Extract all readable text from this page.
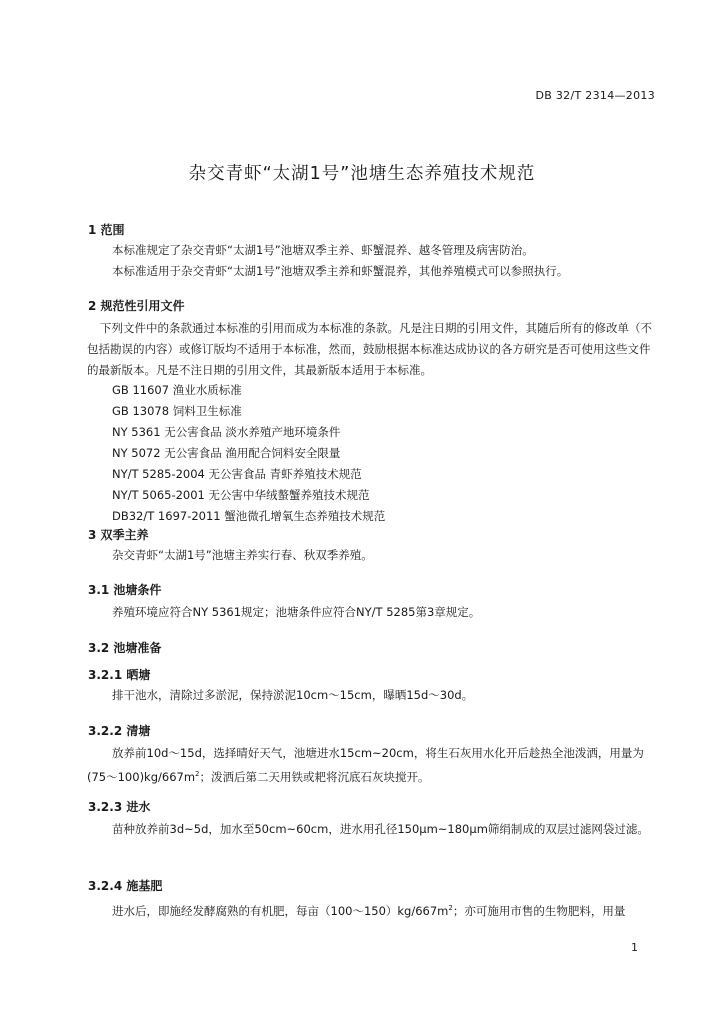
DB 32/T 2314—2013
杂交青虾“太湖1号”池塘生态养殖技术规范
1 范围

本标准规定了杂交青虾“太湖1号”池塘双季主养、虾蟹混养、越冬管理及病害防治。

本标准适用于杂交青虾“太湖1号”池塘双季主养和虾蟹混养，其他养殖模式可以参照执行。

2 规范性引用文件

下列文件中的条款通过本标准的引用而成为本标准的条款。凡是注日期的引用文件，其随后所有的修改单（不包括勘误的内容）或修订版均不适用于本标准，然而，鼓励根据本标准达成协议的各方研究是否可使用这些文件的最新版本。凡是不注日期的引用文件，其最新版本适用于本标准。

GB 11607 渔业水质标准
GB 13078 饲料卫生标准
NY 5361 无公害食品 淡水养殖产地环境条件
NY 5072 无公害食品 渔用配合饲料安全限量
NY/T 5285-2004 无公害食品 青虾养殖技术规范
NY/T 5065-2001 无公害中华绒螯蟹养殖技术规范
DB32/T 1697-2011 蟹池微孔增氧生态养殖技术规范
3 双季主养

杂交青虾“太湖1号”池塘主养实行春、秋双季养殖。

3.1 池塘条件

养殖环境应符合NY 5361规定；池塘条件应符合NY/T 5285第3章规定。

3.2 池塘准备
3.2.1 晒塘

排干池水，清除过多淤泥，保持淤泥10cm～15cm，曝晒15d～30d。

3.2.2 清塘

放养前10d～15d，选择晴好天气，池塘进水15cm~20cm，将生石灰用水化开后趁热全池泼洒，用量为$(75\sim 100)kg/667m^2$；泼洒后第二天用铁或耙将沉底石灰块搅开。

3.2.3 进水

苗种放养前3d~5d，加水至50cm~60cm，进水用孔径150μm~180μm筛绢制成的双层过滤网袋过滤。

3.2.4 施基肥

进水后，即施经发酵腐熟的有机肥，每亩$(100\sim 150)kg/667m^2$；亦可施用市售的生物肥料，用量

1
